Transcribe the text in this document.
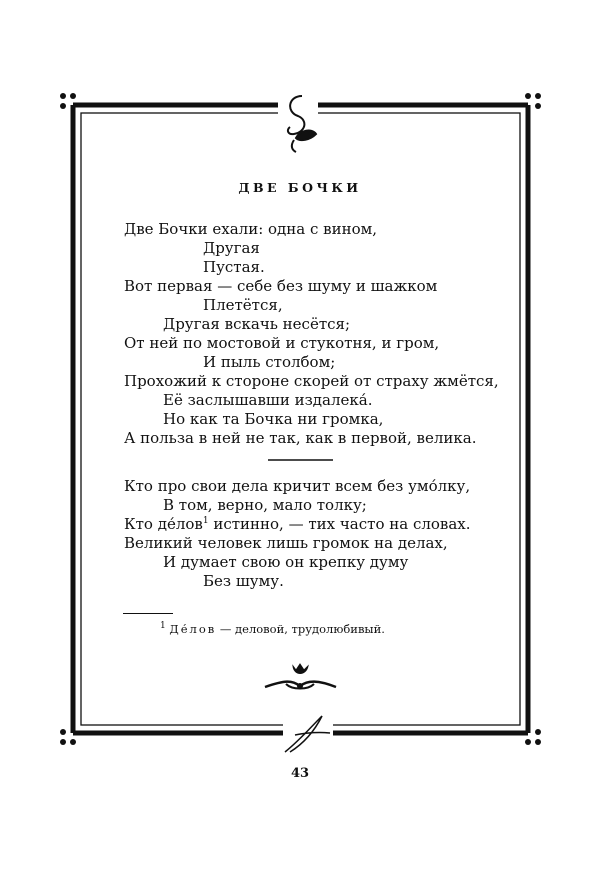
ДВЕ БОЧКИ
Две Бочки ехали: одна с вином,
Другая
Пустая.
Вот первая — себе без шуму и шажком
Плетётся,
Другая вскачь несётся;
От ней по мостовой и стукотня, и гром,
И пыль столбом;
Прохожий к стороне скорей от страху жмётся,
Её заслышавши издалека́.
Но как та Бочка ни громка,
А польза в ней не так, как в первой, велика.
Кто про свои дела кричит всем без умо́лку,
В том, верно, мало толку;
Кто де́лов$^1$ истинно, — тих часто на словах.
Великий человек лишь громок на делах,
И думает свою он крепку думу
Без шуму.
$^1$ Де́лов — деловой, трудолюбивый.
43
